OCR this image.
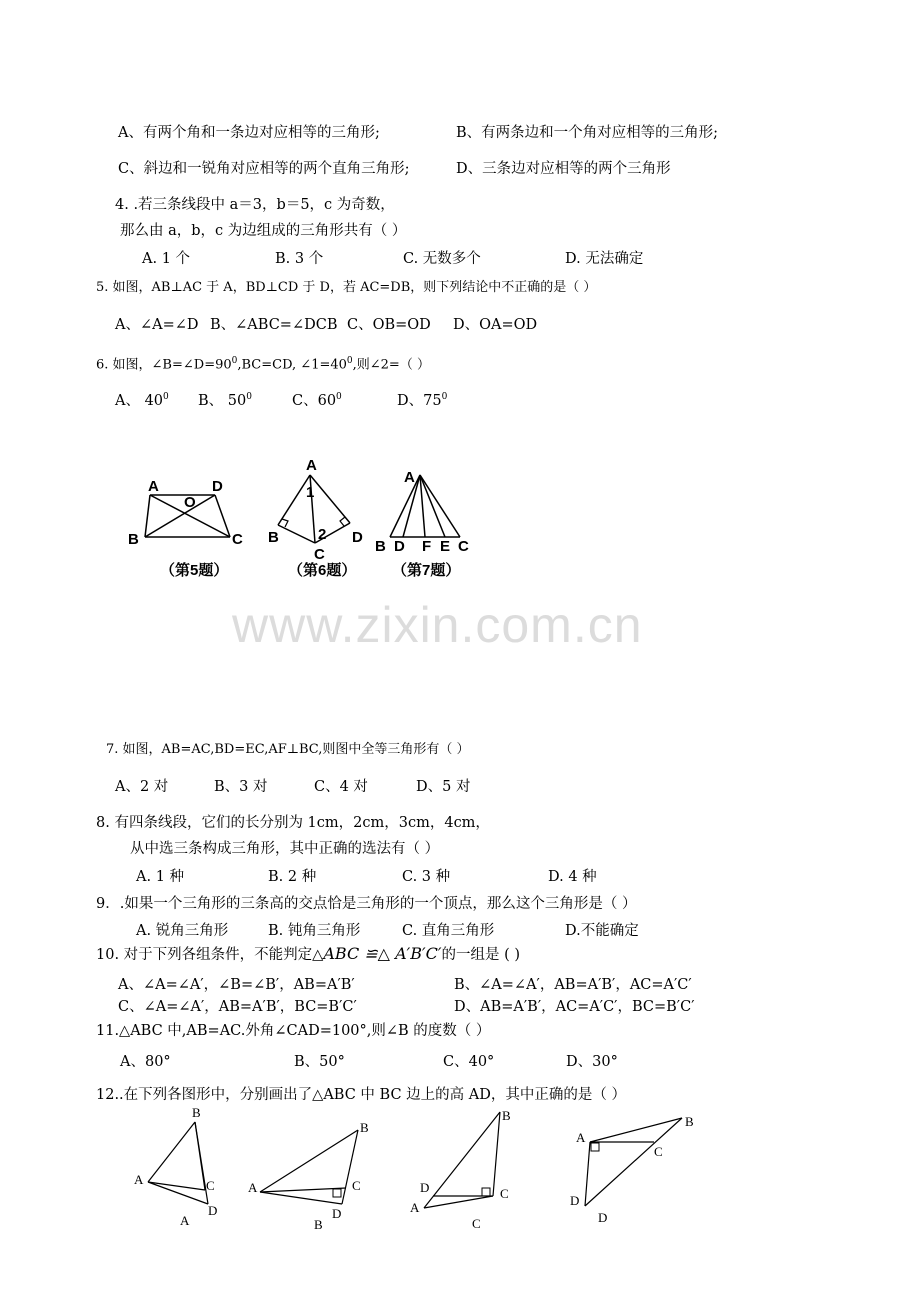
A、有两个角和一条边对应相等的三角形;	B、有两条边和一个角对应相等的三角形;
C、斜边和一锐角对应相等的两个直角三角形;	D、三条边对应相等的两个三角形
4. .若三条线段中 a＝3，b＝5，c 为奇数，
那么由 a，b，c 为边组成的三角形共有（ ）
A. 1 个	B. 3 个	C. 无数多个	D. 无法确定
5. 如图，AB⊥AC 于 A，BD⊥CD 于 D，若 AC=DB，则下列结论中不正确的是（ ）
A、∠A=∠D B、∠ABC=∠DCB C、OB=OD D、OA=OD
6. 如图，$\angle B=\angle D=90^0,BC=CD$, $\angle 1=40^0$,则∠2=（ ）
A、 $40^0$ B、 $50^0$	C、$60^0$	D、$75^0$
A
O
D
B	C
（第5题）
A
1
2
B
C
D
（第6题）
A
B D F E C
（第7题）
www.zixin.com.cn
7. 如图，AB=AC,BD=EC,AF⊥BC,则图中全等三角形有（ ）
A、2 对	B、3 对	C、4 对	D、5 对
8. 有四条线段，它们的长分别为 1cm，2cm，3cm，4cm，
从中选三条构成三角形，其中正确的选法有（ ）
A. 1 种	B. 2 种	C. 3 种	D. 4 种
9．.如果一个三角形的三条高的交点恰是三角形的一个顶点，那么这个三角形是（ ）
A. 锐角三角形	B. 钝角三角形	C. 直角三角形	D.不能确定
10. 对于下列各组条件，不能判定△ABC ≌△ A′B′C′的一组是 ( )
A、∠A=∠A′，∠B=∠B′，AB=A′B′	B、∠A=∠A′，AB=A′B′，AC=A′C′
C、∠A=∠A′，AB=A′B′，BC=B′C′	D、AB=A′B′，AC=A′C′，BC=B′C′
11.△ABC 中,AB=AC.外角∠CAD=100°,则∠B 的度数（ ）
A、80°	B、50°	C、40°	D、30°
12..在下列各图形中，分别画出了△ABC 中 BC 边上的高 AD，其中正确的是（ ）
B
A	C
D
A
B
A	C
D
B
B
D	C
A
C
B
A
C
D
D
